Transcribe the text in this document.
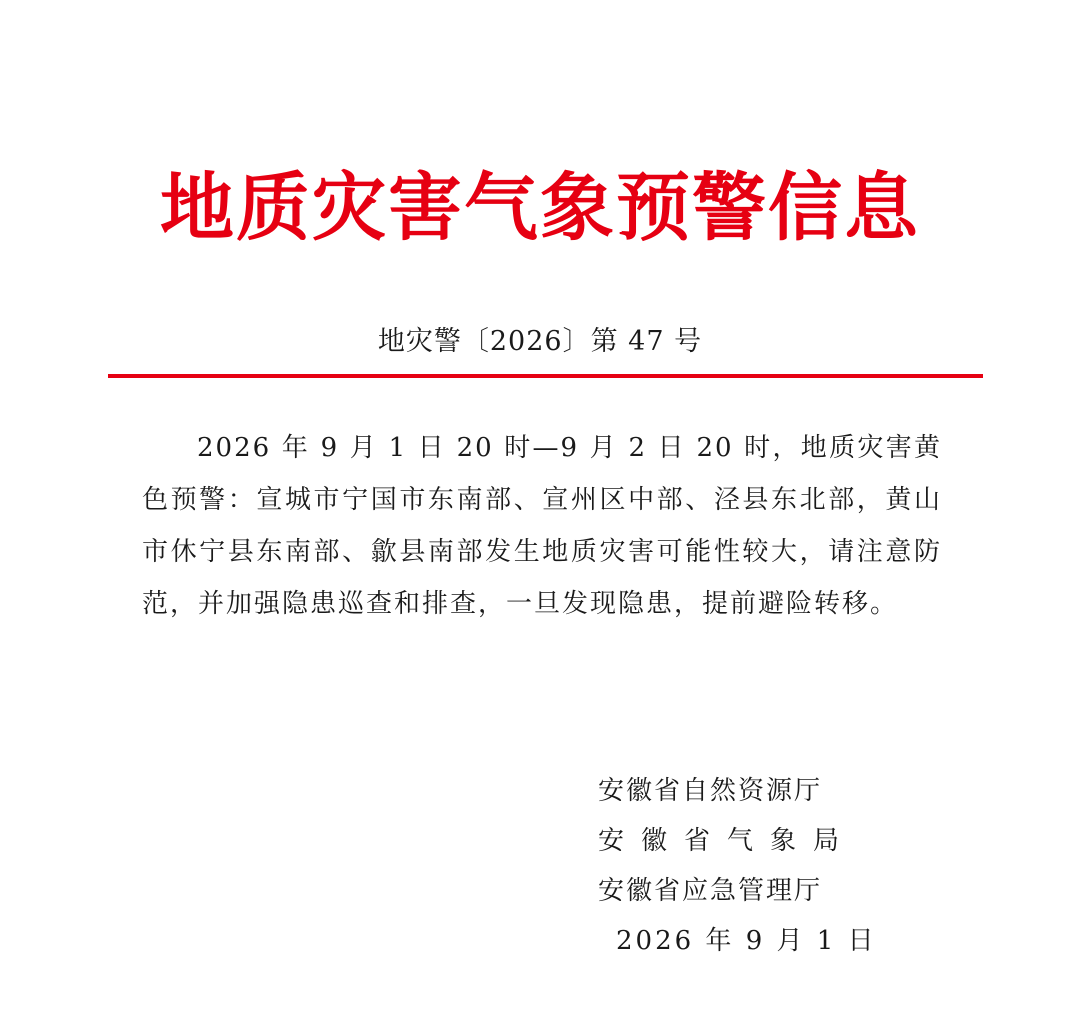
地质灾害气象预警信息
地灾警〔2026〕第 47 号

2026 年 9 月 1 日 20 时—9 月 2 日 20 时，地质灾害黄色预警：宣城市宁国市东南部、宣州区中部、泾县东北部，黄山市休宁县东南部、歙县南部发生地质灾害可能性较大，请注意防范，并加强隐患巡查和排查，一旦发现隐患，提前避险转移。

安徽省自然资源厅
安徽省气象局
安徽省应急管理厅
2026 年 9 月 1 日
